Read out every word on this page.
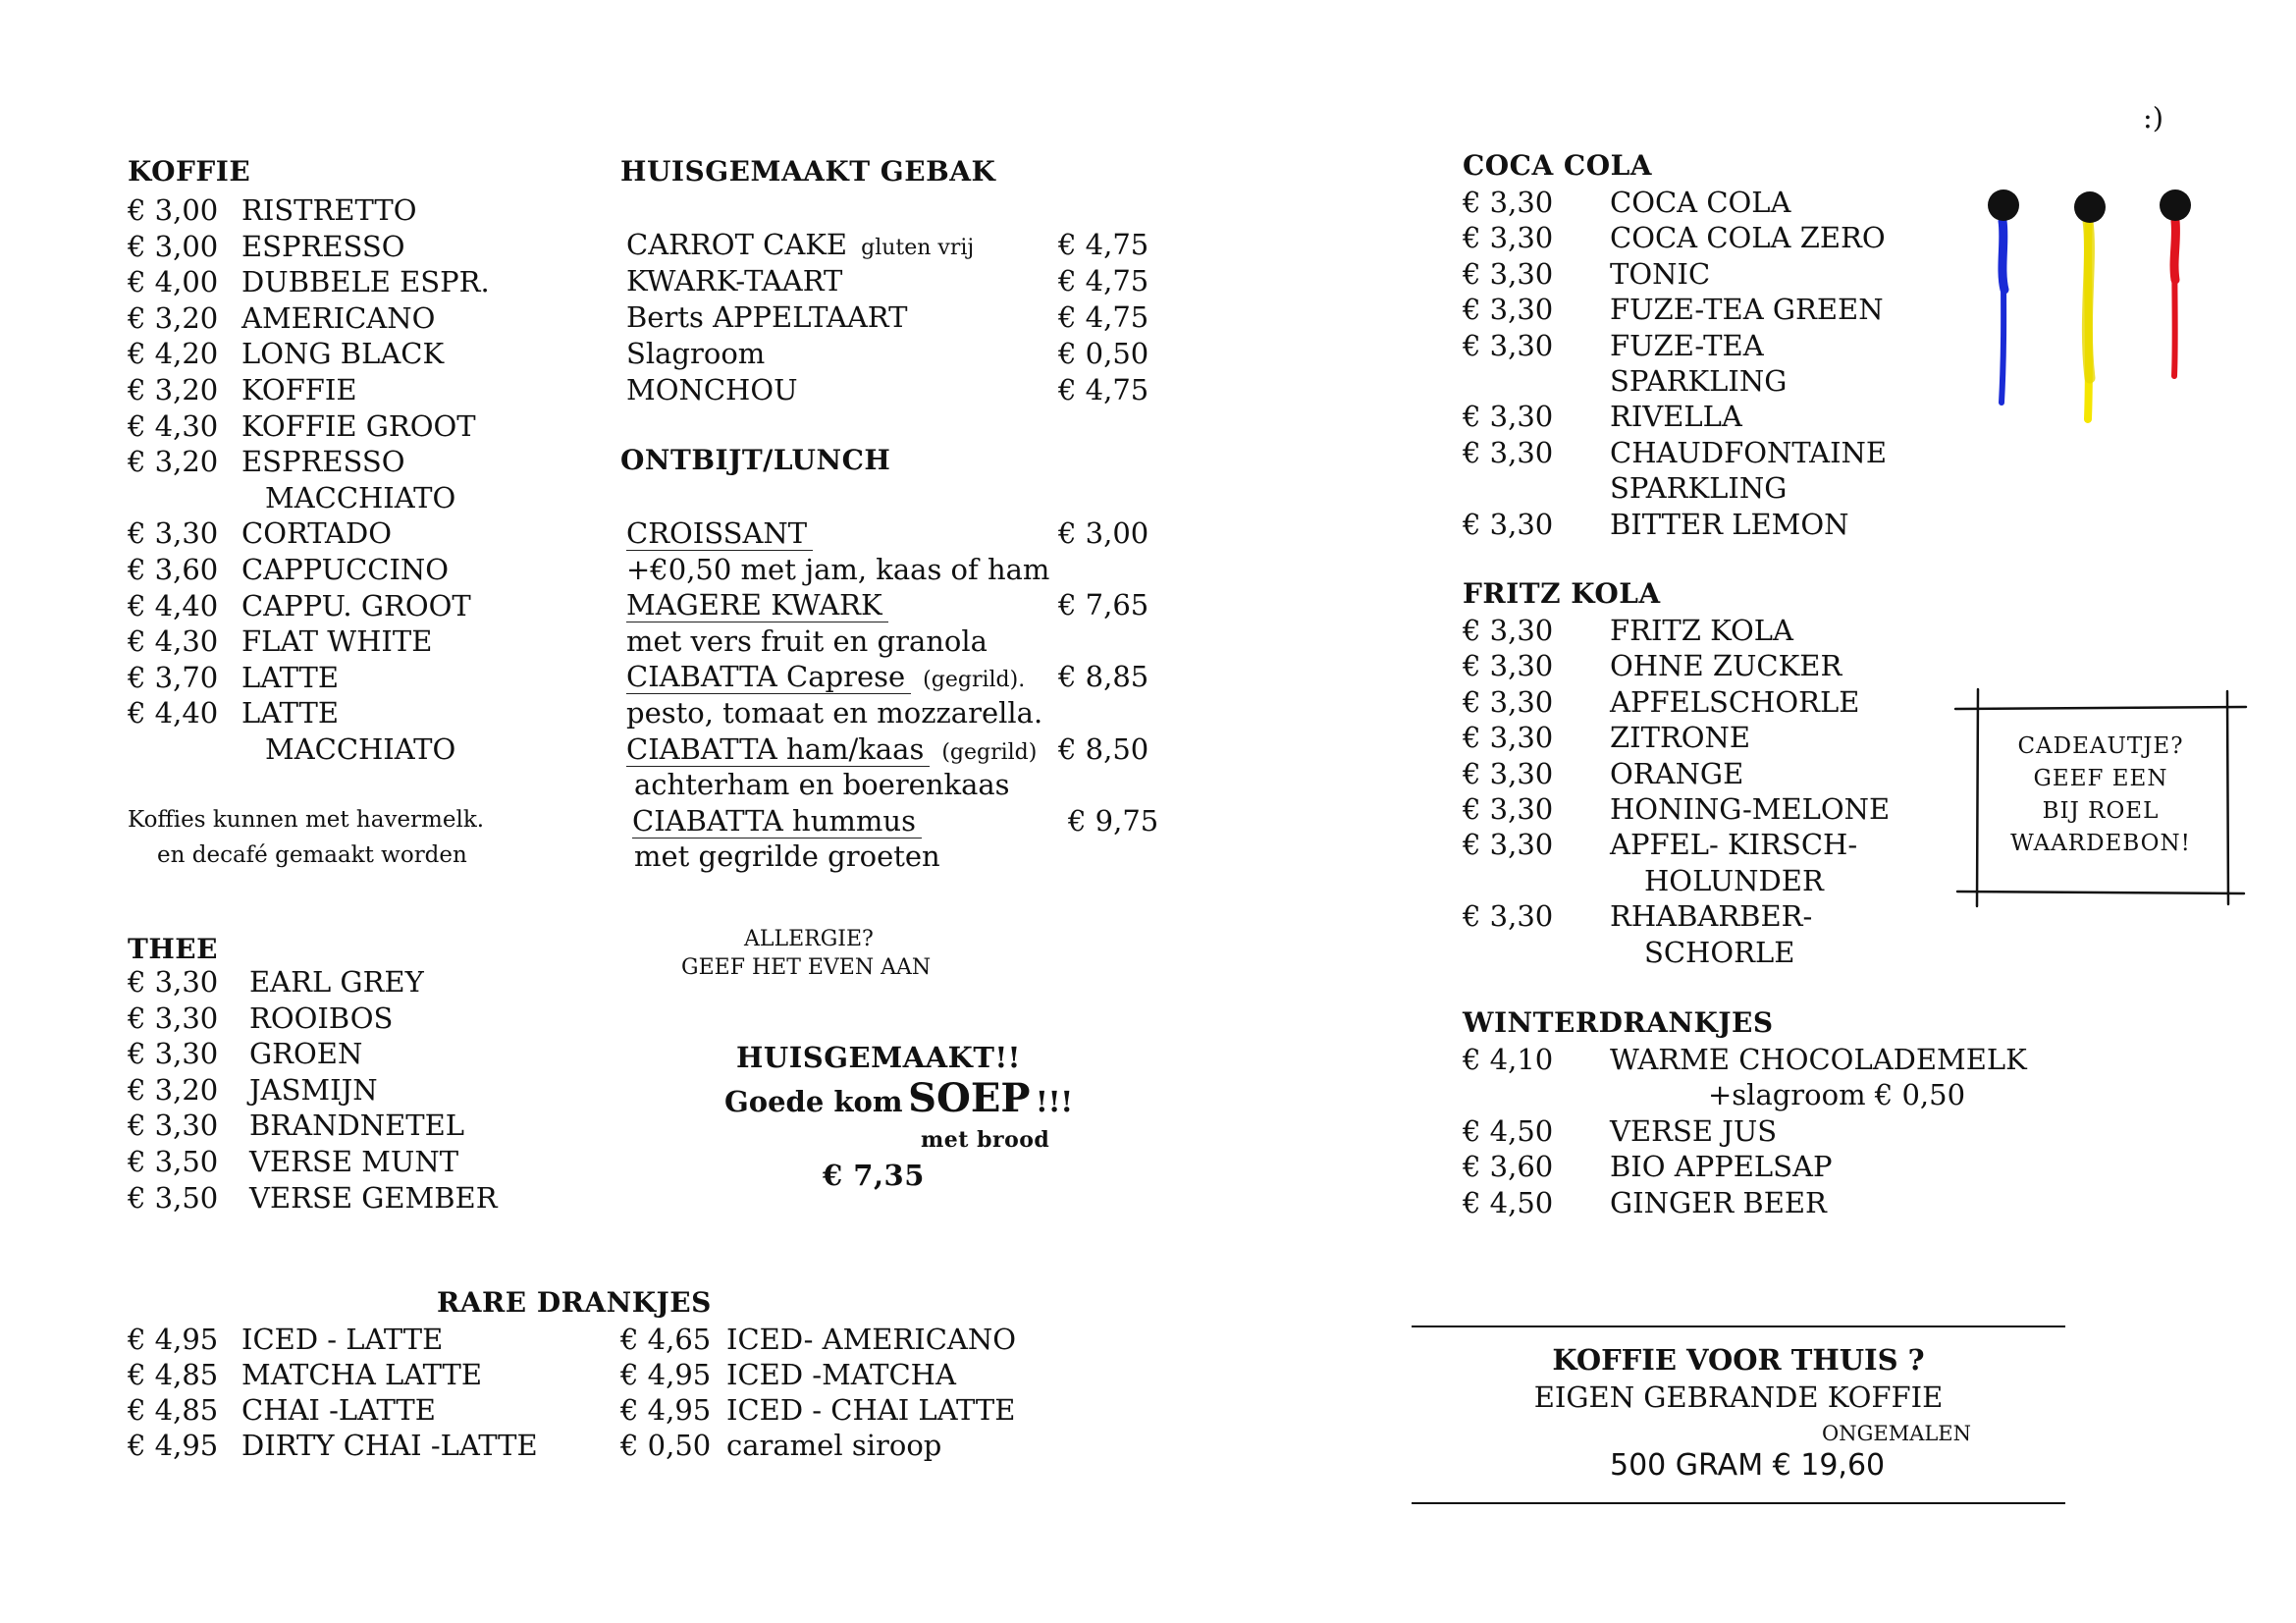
:)
KOFFIE
€ 3,00 RISTRETTO
€ 3,00 ESPRESSO
€ 4,00 DUBBELE ESPR.
€ 3,20 AMERICANO
€ 4,20 LONG BLACK
€ 3,20 KOFFIE
€ 4,30 KOFFIE GROOT
€ 3,20 ESPRESSO
MACCHIATO
€ 3,30 CORTADO
€ 3,60 CAPPUCCINO
€ 4,40 CAPPU. GROOT
€ 4,30 FLAT WHITE
€ 3,70 LATTE
€ 4,40 LATTE
MACCHIATO
Koffies kunnen met havermelk.
en decafé gemaakt worden
THEE
€ 3,30 EARL GREY
€ 3,30 ROOIBOS
€ 3,30 GROEN
€ 3,20 JASMIJN
€ 3,30 BRANDNETEL
€ 3,50 VERSE MUNT
€ 3,50 VERSE GEMBER
HUISGEMAAKT GEBAK
CARROT CAKE gluten vrij	€ 4,75
KWARK-TAART	€ 4,75
Berts APPELTAART	€ 4,75
Slagroom	€ 0,50
MONCHOU	€ 4,75
ONTBIJT/LUNCH
CROISSANT	€ 3,00
+€0,50 met jam, kaas of ham
MAGERE KWARK	€ 7,65
met vers fruit en granola
CIABATTA Caprese (gegrild). € 8,85
pesto, tomaat en mozzarella.
CIABATTA ham/kaas (gegrild) € 8,50
achterham en boerenkaas
CIABATTA hummus	€ 9,75
met gegrilde groeten
ALLERGIE?
GEEF HET EVEN AAN
HUISGEMAAKT!!
Goede kom SOEP !!!
met brood
€ 7,35
RARE DRANKJES
€ 4,95 ICED - LATTE
€ 4,85 MATCHA LATTE
€ 4,85 CHAI -LATTE
€ 4,95 DIRTY CHAI -LATTE
€ 4,65 ICED- AMERICANO
€ 4,95 ICED -MATCHA
€ 4,95 ICED - CHAI LATTE
€ 0,50 caramel siroop
COCA COLA
€ 3,30 COCA COLA
€ 3,30 COCA COLA ZERO
€ 3,30 TONIC
€ 3,30 FUZE-TEA GREEN
€ 3,30 FUZE-TEA
SPARKLING
€ 3,30 RIVELLA
€ 3,30 CHAUDFONTAINE
SPARKLING
€ 3,30 BITTER LEMON
FRITZ KOLA
€ 3,30 FRITZ KOLA
€ 3,30 OHNE ZUCKER
€ 3,30 APFELSCHORLE
€ 3,30 ZITRONE
€ 3,30 ORANGE
€ 3,30 HONING-MELONE
€ 3,30 APFEL- KIRSCH-
HOLUNDER
€ 3,30 RHABARBER-
SCHORLE
WINTERDRANKJES
€ 4,10 WARME CHOCOLADEMELK
+slagroom € 0,50
€ 4,50 VERSE JUS
€ 3,60 BIO APPELSAP
€ 4,50 GINGER BEER
CADEAUTJE?
GEEF EEN
BIJ ROEL
WAARDEBON!
KOFFIE VOOR THUIS ?
EIGEN GEBRANDE KOFFIE
ONGEMALEN
500 GRAM € 19,60
